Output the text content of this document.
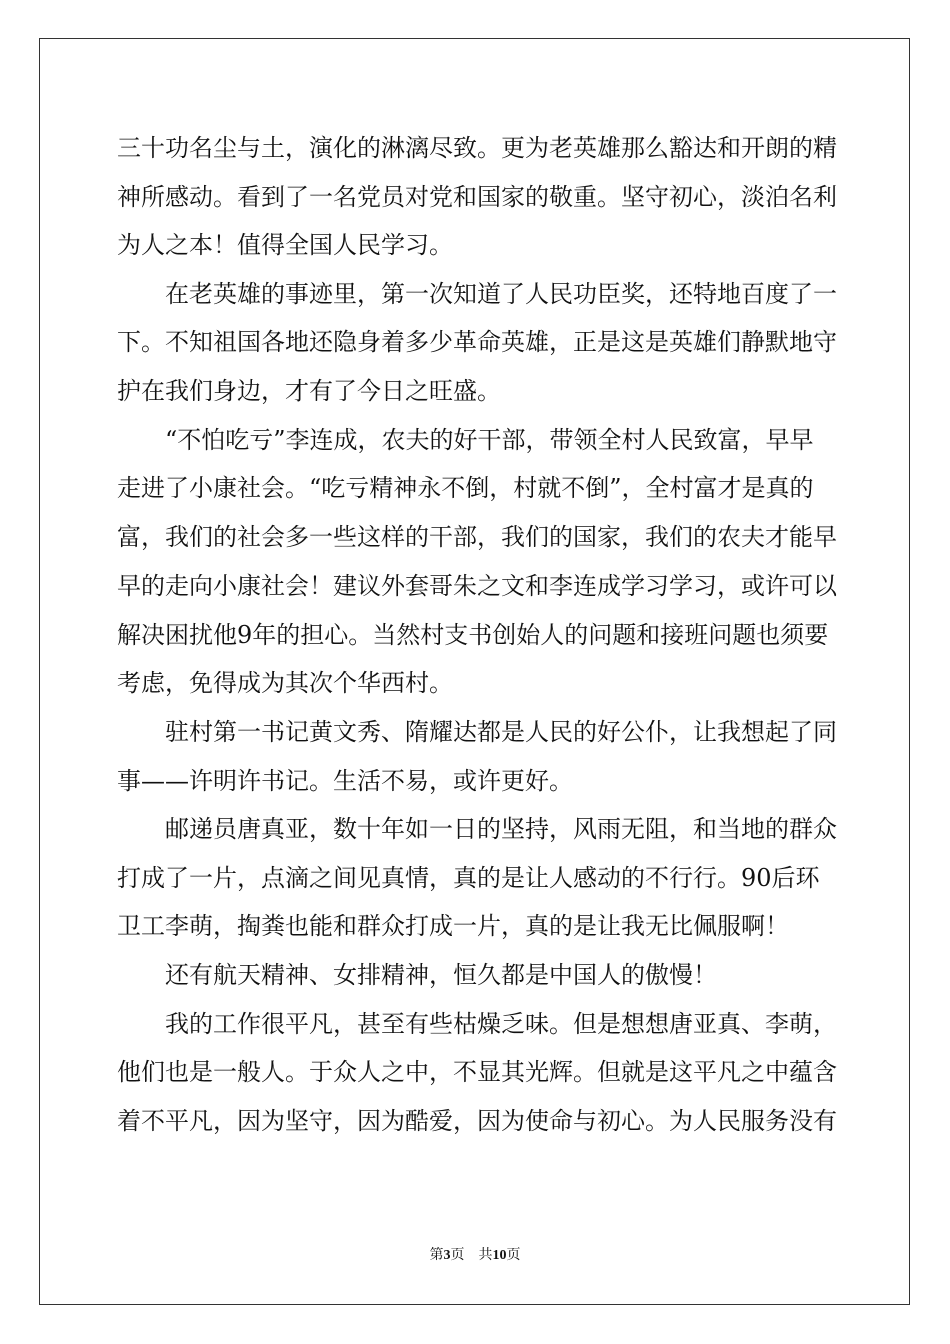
三十功名尘与土，演化的淋漓尽致。更为老英雄那么豁达和开朗的精
神所感动。看到了一名党员对党和国家的敬重。坚守初心，淡泊名利
为人之本！值得全国人民学习。
在老英雄的事迹里，第一次知道了人民功臣奖，还特地百度了一
下。不知祖国各地还隐身着多少革命英雄，正是这是英雄们静默地守
护在我们身边，才有了今日之旺盛。
“不怕吃亏”李连成，农夫的好干部，带领全村人民致富，早早
走进了小康社会。“吃亏精神永不倒，村就不倒”，全村富才是真的
富，我们的社会多一些这样的干部，我们的国家，我们的农夫才能早
早的走向小康社会！建议外套哥朱之文和李连成学习学习，或许可以
解决困扰他9年的担心。当然村支书创始人的问题和接班问题也须要
考虑，免得成为其次个华西村。
驻村第一书记黄文秀、隋耀达都是人民的好公仆，让我想起了同
事——许明许书记。生活不易，或许更好。
邮递员唐真亚，数十年如一日的坚持，风雨无阻，和当地的群众
打成了一片，点滴之间见真情，真的是让人感动的不行行。90后环
卫工李萌，掏粪也能和群众打成一片，真的是让我无比佩服啊！
还有航天精神、女排精神，恒久都是中国人的傲慢！
我的工作很平凡，甚至有些枯燥乏味。但是想想唐亚真、李萌，
他们也是一般人。于众人之中，不显其光辉。但就是这平凡之中蕴含
着不平凡，因为坚守，因为酷爱，因为使命与初心。为人民服务没有
第3页 共10页
